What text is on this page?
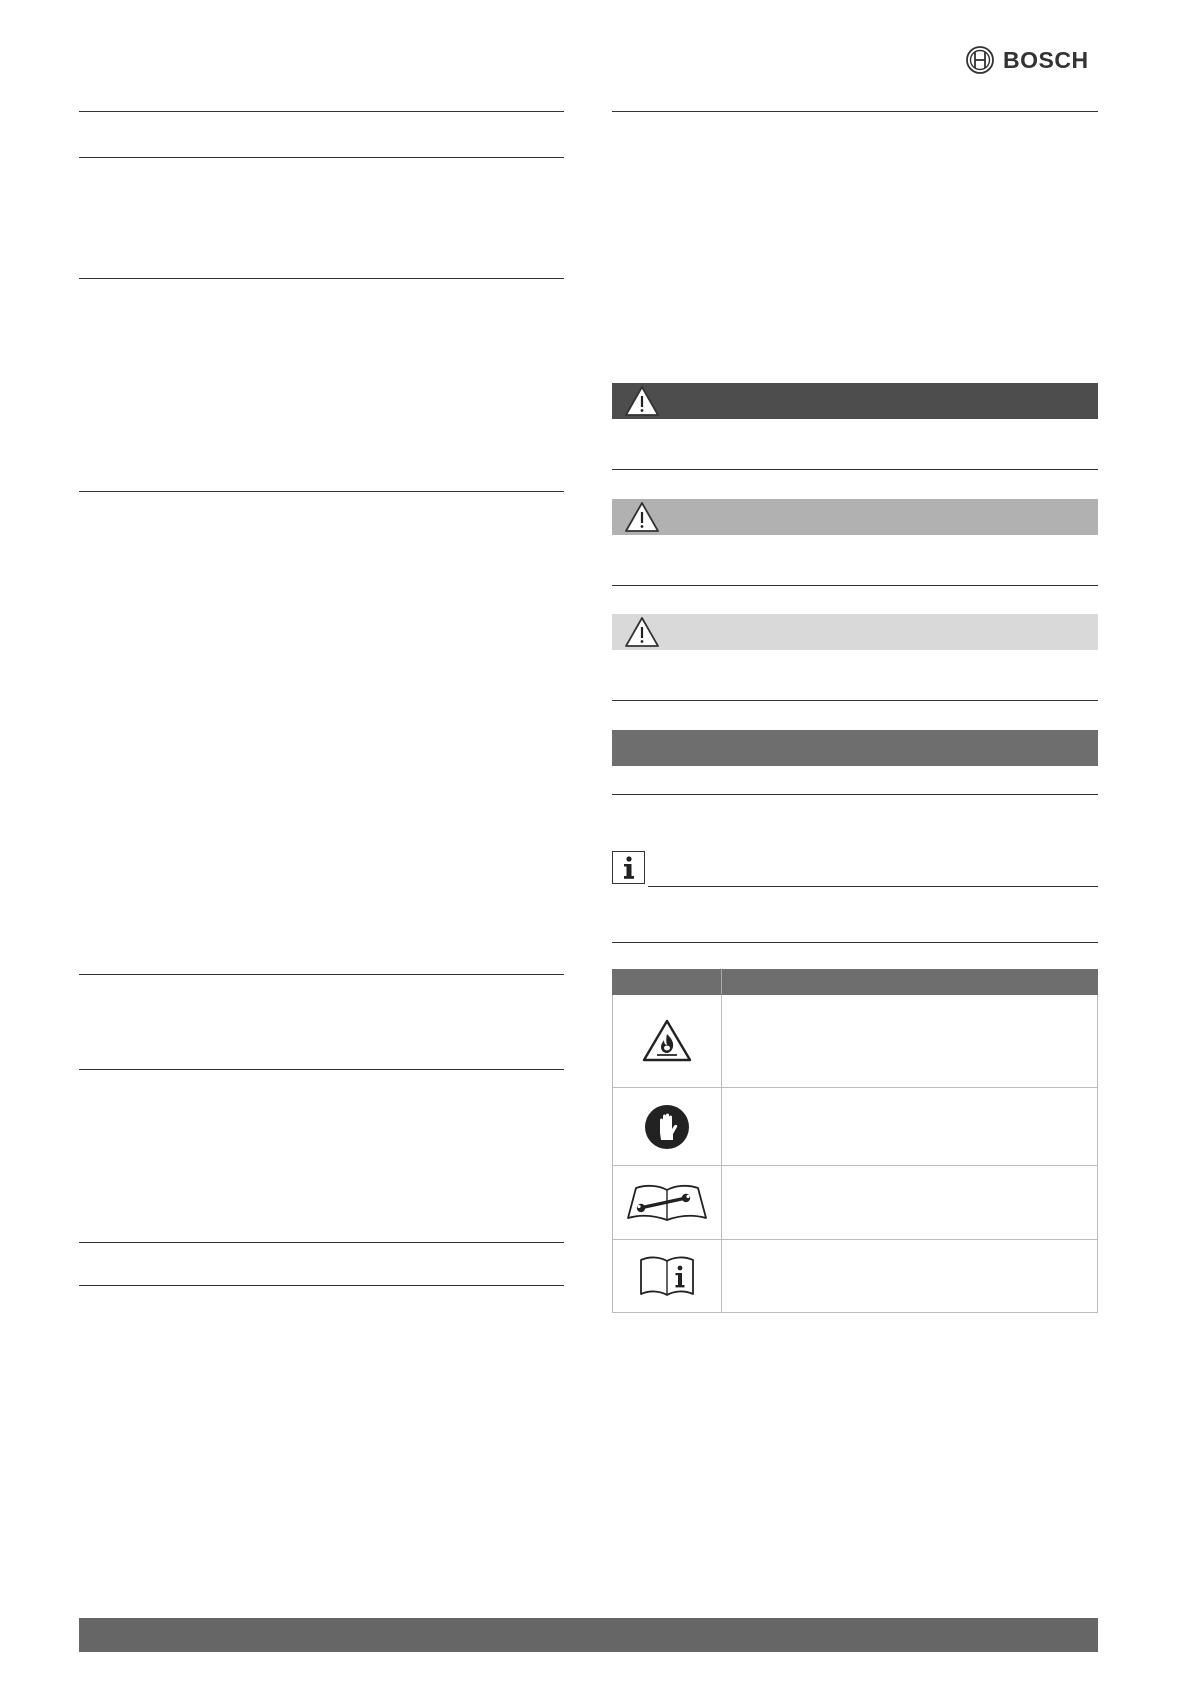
BOSCH
